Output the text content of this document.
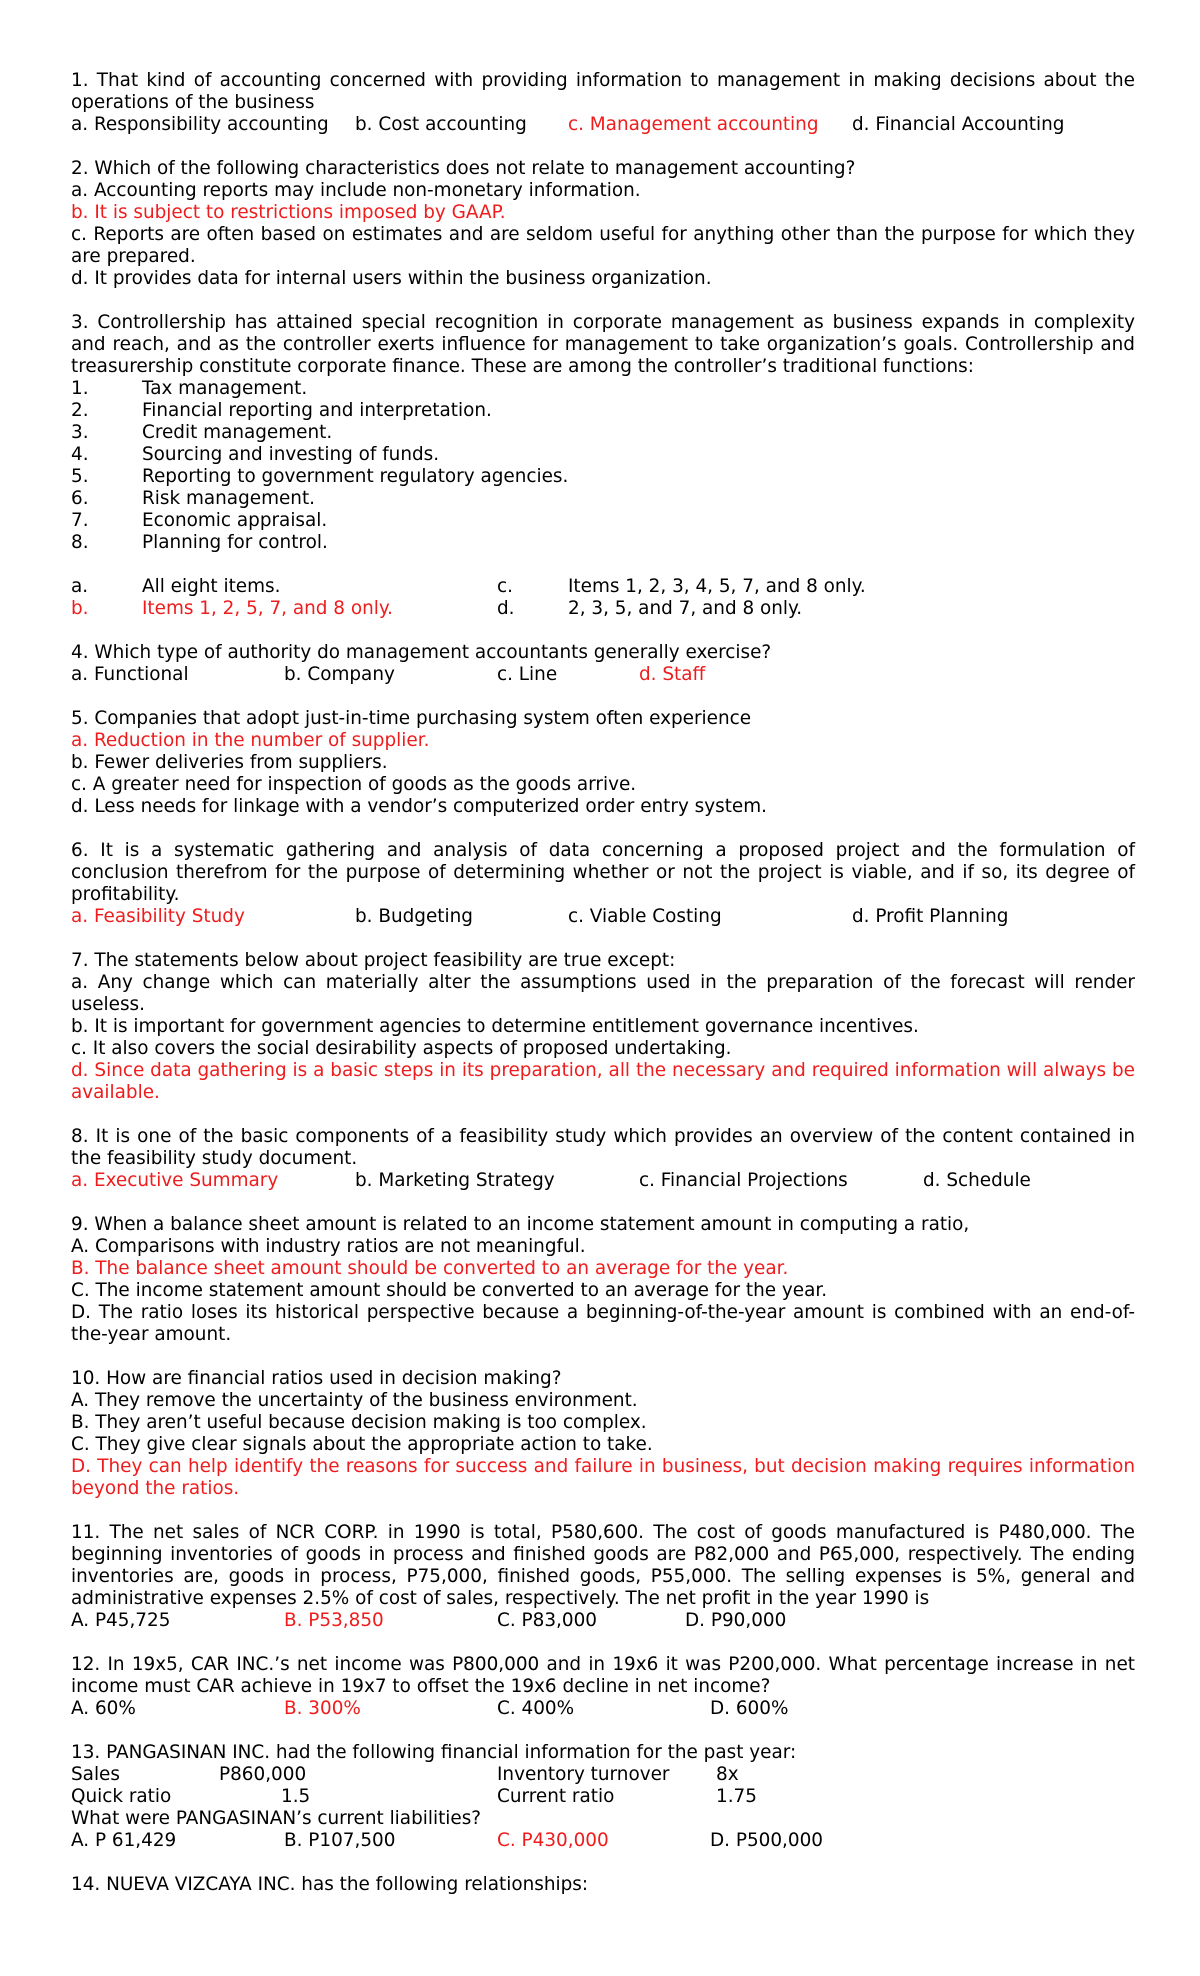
1. That kind of accounting concerned with providing information to management in making decisions about the operations of the business
a. Responsibility accounting	b. Cost accounting	c. Management accounting	d. Financial Accounting
2. Which of the following characteristics does not relate to management accounting?
a. Accounting reports may include non-monetary information.
b. It is subject to restrictions imposed by GAAP.
c. Reports are often based on estimates and are seldom useful for anything other than the purpose for which they are prepared.
d. It provides data for internal users within the business organization.
3. Controllership has attained special recognition in corporate management as business expands in complexity and reach, and as the controller exerts influence for management to take organization’s goals. Controllership and treasurership constitute corporate finance. These are among the controller’s traditional functions:
1.	Tax management.
2.	Financial reporting and interpretation.
3.	Credit management.
4.	Sourcing and investing of funds.
5.	Reporting to government regulatory agencies.
6.	Risk management.
7.	Economic appraisal.
8.	Planning for control.
a.	All eight items.	c.	Items 1, 2, 3, 4, 5, 7, and 8 only.
b.	Items 1, 2, 5, 7, and 8 only.	d.	2, 3, 5, and 7, and 8 only.
4. Which type of authority do management accountants generally exercise?
a. Functional	b. Company	c. Line	d. Staff
5. Companies that adopt just-in-time purchasing system often experience
a. Reduction in the number of supplier.
b. Fewer deliveries from suppliers.
c. A greater need for inspection of goods as the goods arrive.
d. Less needs for linkage with a vendor’s computerized order entry system.
6. It is a systematic gathering and analysis of data concerning a proposed project and the formulation of conclusion therefrom for the purpose of determining whether or not the project is viable, and if so, its degree of profitability.
a. Feasibility Study	b. Budgeting	c. Viable Costing	d. Profit Planning
7. The statements below about project feasibility are true except:
a. Any change which can materially alter the assumptions used in the preparation of the forecast will render useless.
b. It is important for government agencies to determine entitlement governance incentives.
c. It also covers the social desirability aspects of proposed undertaking.
d. Since data gathering is a basic steps in its preparation, all the necessary and required information will always be available.
8. It is one of the basic components of a feasibility study which provides an overview of the content contained in the feasibility study document.
a. Executive Summary	b. Marketing Strategy	c. Financial Projections	d. Schedule
9. When a balance sheet amount is related to an income statement amount in computing a ratio,
A. Comparisons with industry ratios are not meaningful.
B. The balance sheet amount should be converted to an average for the year.
C. The income statement amount should be converted to an average for the year.
D. The ratio loses its historical perspective because a beginning-of-the-year amount is combined with an end-of-the-year amount.
10. How are financial ratios used in decision making?
A. They remove the uncertainty of the business environment.
B. They aren’t useful because decision making is too complex.
C. They give clear signals about the appropriate action to take.
D. They can help identify the reasons for success and failure in business, but decision making requires information beyond the ratios.
11. The net sales of NCR CORP. in 1990 is total, P580,600. The cost of goods manufactured is P480,000. The beginning inventories of goods in process and finished goods are P82,000 and P65,000, respectively. The ending inventories are, goods in process, P75,000, finished goods, P55,000. The selling expenses is 5%, general and administrative expenses 2.5% of cost of sales, respectively. The net profit in the year 1990 is
A. P45,725	B. P53,850	C. P83,000	D. P90,000
12. In 19x5, CAR INC.’s net income was P800,000 and in 19x6 it was P200,000. What percentage increase in net income must CAR achieve in 19x7 to offset the 19x6 decline in net income?
A. 60%	B. 300%	C. 400%	D. 600%
13. PANGASINAN INC. had the following financial information for the past year:
Sales	P860,000	Inventory turnover	8x
Quick ratio	1.5	Current ratio	1.75
What were PANGASINAN’s current liabilities?
A. P 61,429	B. P107,500	C. P430,000	D. P500,000
14. NUEVA VIZCAYA INC. has the following relationships:
